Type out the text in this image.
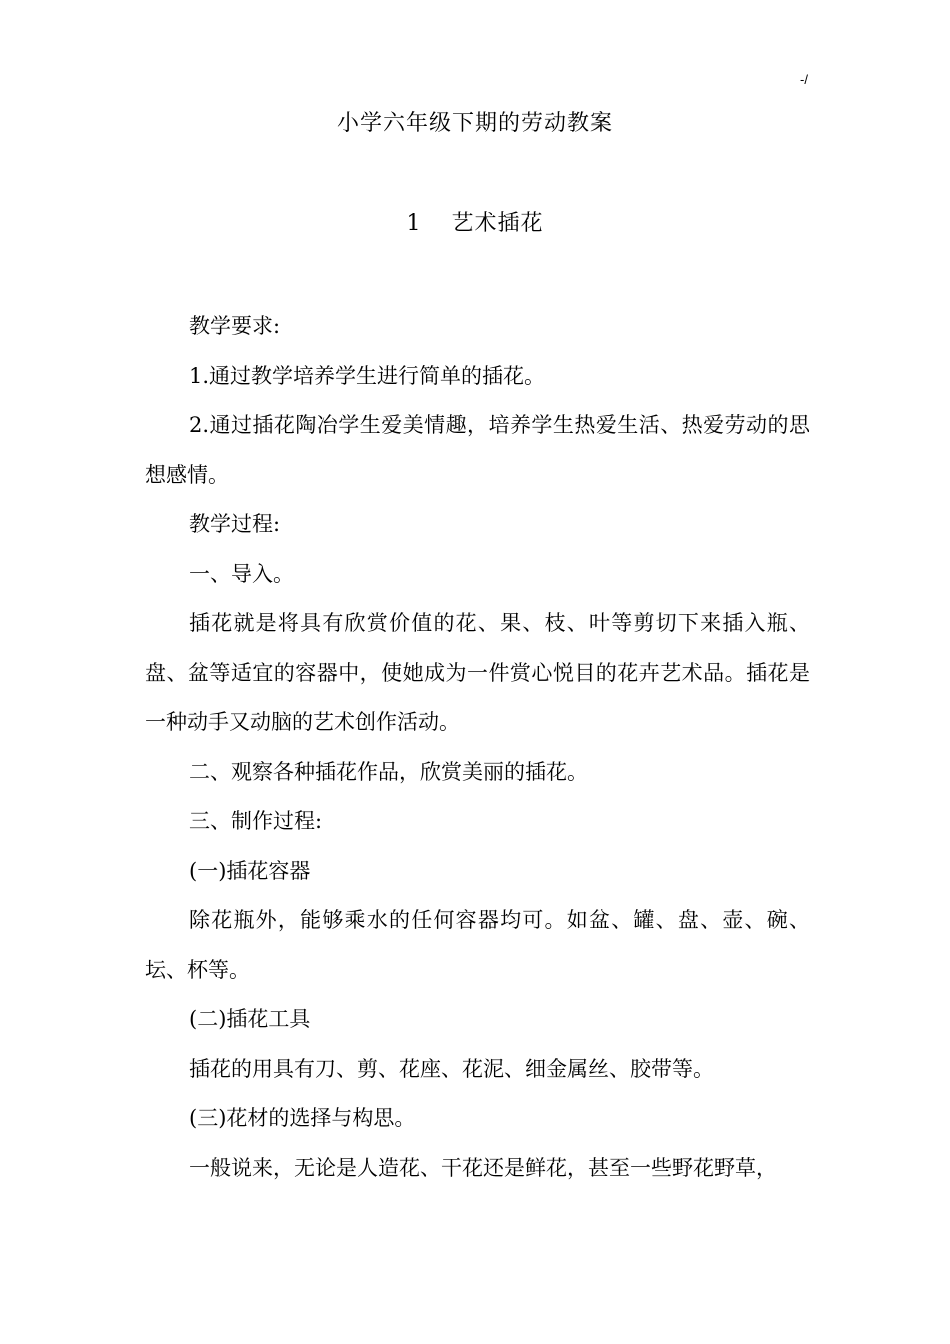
-/
小学六年级下期的劳动教案
1 艺术插花

教学要求:

1.通过教学培养学生进行简单的插花。

2.通过插花陶冶学生爱美情趣，培养学生热爱生活、热爱劳动的思想感情。

教学过程:

一、导入。

插花就是将具有欣赏价值的花、果、枝、叶等剪切下来插入瓶、盘、盆等适宜的容器中，使她成为一件赏心悦目的花卉艺术品。插花是一种动手又动脑的艺术创作活动。

二、观察各种插花作品，欣赏美丽的插花。

三、制作过程:

(一)插花容器

除花瓶外，能够乘水的任何容器均可。如盆、罐、盘、壶、碗、坛、杯等。

(二)插花工具

插花的用具有刀、剪、花座、花泥、细金属丝、胶带等。

(三)花材的选择与构思。

一般说来，无论是人造花、干花还是鲜花，甚至一些野花野草，
